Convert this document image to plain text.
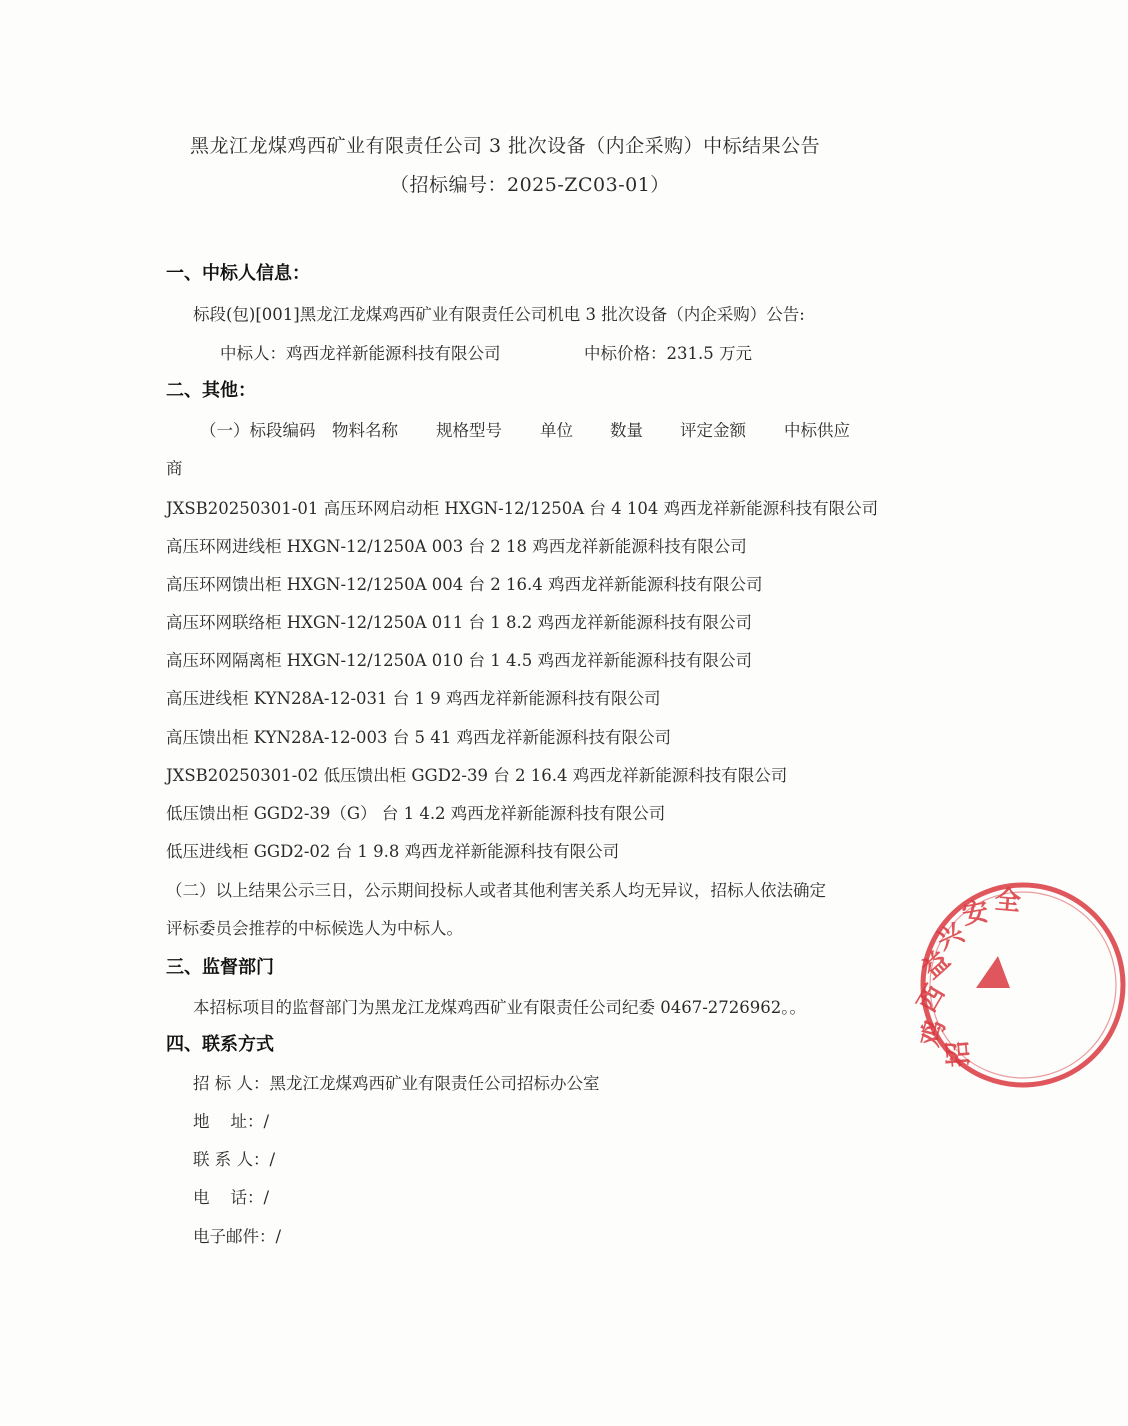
黑龙江龙煤鸡西矿业有限责任公司 3 批次设备（内企采购）中标结果公告
（招标编号：2025-ZC03-01）
一、中标人信息：
标段(包)[001]黑龙江龙煤鸡西矿业有限责任公司机电 3 批次设备（内企采购）公告:
中标人：鸡西龙祥新能源科技有限公司	中标价格：231.5 万元
二、其他：
（一）标段编码 物料名称 规格型号 单位 数量 评定金额 中标供应
商
JXSB20250301-01 高压环网启动柜 HXGN-12/1250A 台 4 104 鸡西龙祥新能源科技有限公司
高压环网进线柜 HXGN-12/1250A 003 台 2 18 鸡西龙祥新能源科技有限公司
高压环网馈出柜 HXGN-12/1250A 004 台 2 16.4 鸡西龙祥新能源科技有限公司
高压环网联络柜 HXGN-12/1250A 011 台 1 8.2 鸡西龙祥新能源科技有限公司
高压环网隔离柜 HXGN-12/1250A 010 台 1 4.5 鸡西龙祥新能源科技有限公司
高压进线柜 KYN28A-12-031 台 1 9 鸡西龙祥新能源科技有限公司
高压馈出柜 KYN28A-12-003 台 5 41 鸡西龙祥新能源科技有限公司
JXSB20250301-02 低压馈出柜 GGD2-39 台 2 16.4 鸡西龙祥新能源科技有限公司
低压馈出柜 GGD2-39（G） 台 1 4.2 鸡西龙祥新能源科技有限公司
低压进线柜 GGD2-02 台 1 9.8 鸡西龙祥新能源科技有限公司
（二）以上结果公示三日，公示期间投标人或者其他利害关系人均无异议，招标人依法确定
评标委员会推荐的中标候选人为中标人。
三、监督部门
本招标项目的监督部门为黑龙江龙煤鸡西矿业有限责任公司纪委 0467-2726962。。
四、联系方式
招 标 人：黑龙江龙煤鸡西矿业有限责任公司招标办公室
地    址：/
联 系 人：/
电    话：/
电子邮件：/
鸡
西
益
兴
安 全
招
